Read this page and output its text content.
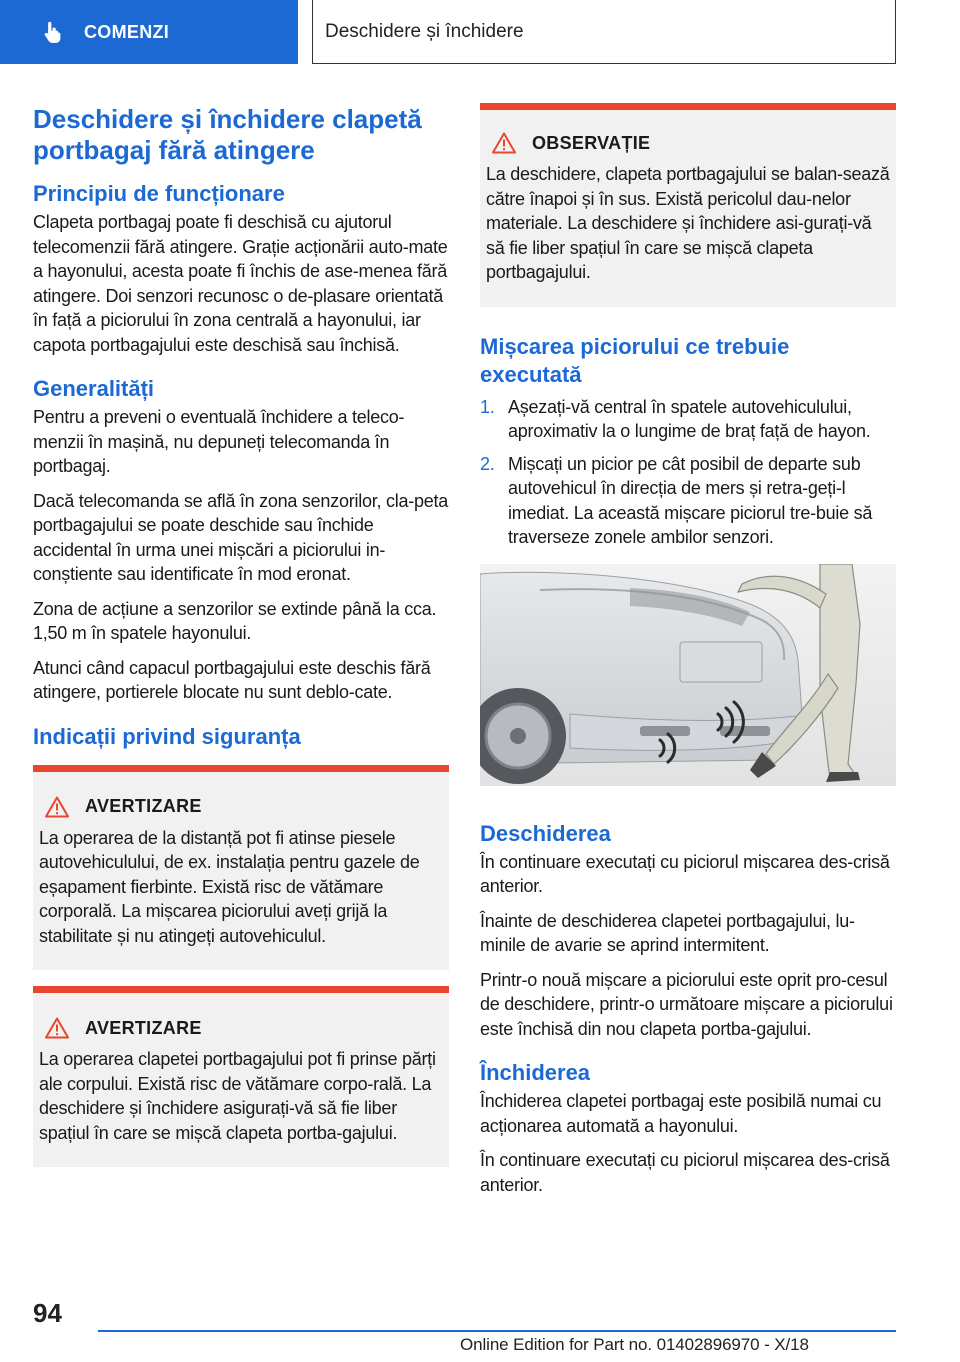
COMENZI	Deschidere și închidere
Deschidere și închidere clapetă portbagaj fără atingere
Principiu de funcționare

Clapeta portbagaj poate fi deschisă cu ajutorul telecomenzii fără atingere. Grație acționării auto-mate a hayonului, acesta poate fi închis de ase-menea fără atingere. Doi senzori recunosc o de-plasare orientată în față a piciorului în zona centrală a hayonului, iar capota portbagajului este deschisă sau închisă.

Generalități

Pentru a preveni o eventuală închidere a teleco-menzii în mașină, nu depuneți telecomanda în portbagaj.

Dacă telecomanda se află în zona senzorilor, cla-peta portbagajului se poate deschide sau închide accidental în urma unei mișcări a piciorului in-conștiente sau identificate în mod eronat.

Zona de acțiune a senzorilor se extinde până la cca. 1,50 m în spatele hayonului.

Atunci când capacul portbagajului este deschis fără atingere, portierele blocate nu sunt deblo-cate.

Indicații privind siguranța
AVERTIZARE

La operarea de la distanță pot fi atinse piesele autovehiculului, de ex. instalația pentru gazele de eșapament fierbinte. Există risc de vătămare corporală. La mișcarea piciorului aveți grijă la stabilitate și nu atingeți autovehiculul.

AVERTIZARE

La operarea clapetei portbagajului pot fi prinse părți ale corpului. Există risc de vătămare corpo-rală. La deschidere și închidere asigurați-vă să fie liber spațiul în care se mișcă clapeta portba-gajului.

OBSERVAȚIE

La deschidere, clapeta portbagajului se balan-sează către înapoi și în sus. Există pericolul dau-nelor materiale. La deschidere și închidere asi-gurați-vă să fie liber spațiul în care se mișcă clapeta portbagajului.

Mișcarea piciorului ce trebuie executată
1. Așezați-vă central în spatele autovehiculului, aproximativ la o lungime de braț față de hayon.
2. Mișcați un picior pe cât posibil de departe sub autovehicul în direcția de mers și retra-geți-l imediat. La această mișcare piciorul tre-buie să traverseze zonele ambilor senzori.
Deschiderea

În continuare executați cu piciorul mișcarea des-crisă anterior.

Înainte de deschiderea clapetei portbagajului, lu-minile de avarie se aprind intermitent.

Printr-o nouă mișcare a piciorului este oprit pro-cesul de deschidere, printr-o următoare mișcare a piciorului este închisă din nou clapeta portba-gajului.

Închiderea

Închiderea clapetei portbagaj este posibilă numai cu acționarea automată a hayonului.

În continuare executați cu piciorul mișcarea des-crisă anterior.

94
Online Edition for Part no. 01402896970 - X/18
